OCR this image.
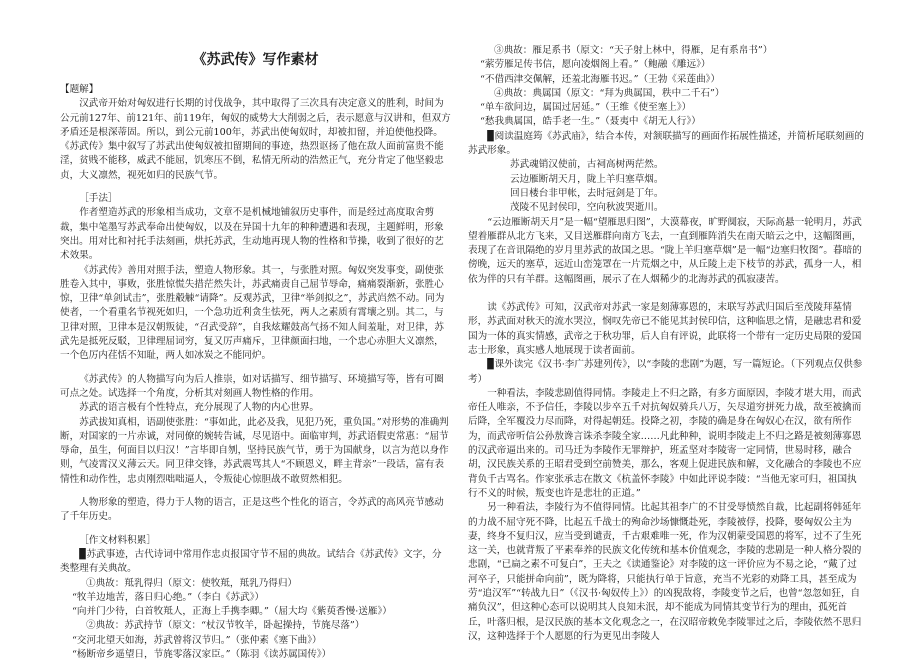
《苏武传》写作素材

【题解】

汉武帝开始对匈奴进行长期的讨伐战争，其中取得了三次具有决定意义的胜利，时间为公元前127年、前121年、前119年，匈奴的威势大大削弱之后，表示愿意与汉讲和，但双方矛盾还是根深蒂固。所以，到公元前100年，苏武出使匈奴时，却被扣留，并迫使他投降。《苏武传》集中叙写了苏武出使匈奴被扣留期间的事迹，热烈讴扬了他在敌人面前富贵不能淫，贫贱不能移，威武不能屈，饥寒压不倒，私情无所动的浩然正气，充分肯定了他坚毅忠贞，大义凛然，视死如归的民族气节。

［手法］

作者塑造苏武的形象相当成功，文章不是机械地铺叙历史事件，而是经过高度取舍剪裁，集中笔墨写苏武奉命出使匈奴，以及在异国十九年的种种遭遇和表现，主题鲜明，形象突出。用对比和衬托手法刻画，烘托苏武，生动地再现人物的性格和节操，收到了很好的艺术效果。

《苏武传》善用对照手法，塑造人物形象。其一，与张胜对照。匈奴突发事变，副使张胜卷入其中，事败，张胜惊慌失措茫然失计，苏武痛责自己屈节辱命，痛痛裂渐新，张胜心惊，卫律“单剑试击”，张胜觳觫“请降”。反观苏武，卫律“举剑拟之”，苏武岿然不动。同为使者，一个看重名节视死如归，一个急功近利贪生怯死，两人之素质有霄壤之别。其二，与卫律对照，卫律本是汉朝叛徒，“召武受辞”，自我炫耀鼓高气扬不知人间羞耻，对卫律，苏武先是抵死反駁，卫律理屈词穷，复又厉声痛斥，卫律颜面扫地，一个忠心赤胆大义凛然，一个色厉内荏恬不知耻，两人如冰炭之不能同炉。

《苏武传》的人物描写向为后人推崇，如对话描写、细节描写、环境描写等，皆有可圈可点之处。试选择一个角度，分析其对刻画人物性格的作用。

苏武的语言极有个性特点，充分展现了人物的内心世界。

苏武拔知真相，语副使张胜：“事如此，此必及我，见犯乃死，重负国。”对形势的准确判断，对国家的一片赤诚，对同僚的婉转告诫，尽见语中。面临审判，苏武语假吏常惠：“屈节辱命，虽生，何面目以归汉！”言毕即自刎，坚持民族气节，勇于为国献身，以言为范以身作则，气凌霄汉义薄云天。同卫律交锋，苏武震骂其人“不顾恩义，畔主背亲”一段话，富有表情性和动作性，忠贞刚烈咄咄逼人，令叛徒心惊胆战不敢贸然相犯。

人物形象的塑造，得力于人物的语言，正是这些个性化的语言，令苏武的高风亮节感动了千年历史。

［作文材料积累］

▉苏武事迹，古代诗词中常用作忠贞报国守节不屈的典故。试结合《苏武传》文字，分类整理有关典故。

①典故：羝乳得归（原文：使牧羝，羝乳乃得归）

“牧羊边地苦，落日归心绝。”（李白《苏武》）

“向并门少待，白首牧羝人，正海上手携李卿。”（屈大均《紫萸香慢·送雁》）

②典故：苏武持节（原文：“杖汉节牧羊，卧起操持，节旄尽落”）

“交河北望天如海，苏武曾将汉节归。”（张仲素《塞下曲》）

“杨断帝乡遥望日，节旄零落汉家臣。”（陈羽《读苏属国传》）

③典故：雁足系书（原文：“天子射上林中，得雁，足有系帛书”）

“萦劳雁足传书信，愿向凌烟阁上看。”（鲍融《雕远》）

“不借西津交佩解，还羞北海雁书迟。”（王勃《采莲曲》）

④典故：典属国（原文：“拜为典属国，秩中二千石”）

“单车欲问边，属国过居延。”（王维《使至塞上》）

“愁我典属国，皓手老一生。”（聂夷中《胡无人行》）

▉阅读温庭筠《苏武庙》，结合本传，对颔联描写的画面作拓展性描述，并简析尾联刻画的苏武形象。

苏武魂销汉使前，古祠高树两茫然。

云边雁断胡天月，陇上羊归塞草烟。

回日楼台非甲帐，去时冠剑是丁年。

茂陵不见封侯印，空向秋波哭逝川。

“云边雁断胡天月”是一幅“望雁思归图”，大漠幕夜，旷野阒寂，天际高悬一轮明月，苏武望着雁群从北方飞来，又目送雁群向南方飞去，一直到雁阵消失在南天暗云之中，这幅图画，表现了在音讯隔绝的岁月里苏武的故国之思。“陇上羊归塞草烟”是一幅“边塞归牧图”。暮暗的傍晚，远天的塞草，远近山峦笼罩在一片荒烟之中，从丘陵上走下枝节的苏武，孤身一人，相依为伴的只有羊群。这幅图画，展示了在人烟稀少的北海苏武的孤寂凄苦。

读《苏武传》可知，汉武帝对苏武一家是刻薄寡恩的，末联写苏武归国后至茂陵拜墓情形，苏武面对秋天的流水哭泣，悯叹先帝已不能见其封侯印信，这种临思之情，是融忠君和爱国为一体的真实情感，武帝之于秋功罪，后人自有评说，此联将一个带有一定历史局限的爱国志士形象，真实感人地展现于读者面前。

▉课外读完《汉书·李广苏建列传》，以“李陵的悲剧”为题，写一篇短论。（下列观点仅供参考）

一种看法，李陵悲剧值得同情。李陵走上不归之路，有多方面原因，李陵才堪大用，而武帝任人唯亲，不予信任，李陵以步卒五千对抗匈奴骑兵八万，矢尽道穷拼死力战，敌至被擒而后降，全军覆没力尽而降，对得起朝廷。投降之初，李陵的确是身在匈奴心在汉，欲有所作为，而武帝听信公孙敖谗言诛杀李陵全家……凡此种种，说明李陵走上不归之路是被刻薄寡恩的汉武帝逼出来的。司马迁为李陵作无罪辩护，班孟坚对李陵寄一定同情，世易时移，融合胡，汉民族关系的王昭君受到空前赞美，那么，客观上促进民族和解，文化融合的李陵也不应背负千古骂名。作家张承志在散文《杭盖怀李陵》中如此评说李陵：“当他无家可归，祖国执行不义的时候，叛变也许是悲壮的正道。”

另一种看法，李陵行为不值得同情。比起其祖李广的不甘受辱愤然自裁，比起副将韩延年的力战不屈守死不降，比起五千战士的殉命沙场慷慨赴死，李陵被俘，投降，娶匈奴公主为妻，终身不复归汉，应当受到谴责，千古艰难唯一死，作为汉朝蒙受国恩的将军，过不了生死这一关，也就背叛了平素奉养的民族文化传统和基本价值观念，李陵的悲剧是一种人格分裂的悲剧，“已扁之素不可复白”，王夫之《读通鉴论》对李陵的这一评价应为不易之论，“戴了过河卒子，只能拼命向前”，既为降将，只能执行单于旨意，充当不光彩的劝降工具，甚至成为劳“追汉军”“转战九日”（《汉书·匈奴传上》）的凶猊敌将，李陵变节之后，也曾“忽忽如狂，自痛负汉”，但这种心态可以说明其人良知未泯，却不能成为同情其变节行为的理由，孤死首丘，叶落归根，是汉民族的基本文化观念之一，在汉昭帝敕免李陵罪过之后，李陵依然不思归汉，这种选择于个人愿愿的行为更见出李陵人
